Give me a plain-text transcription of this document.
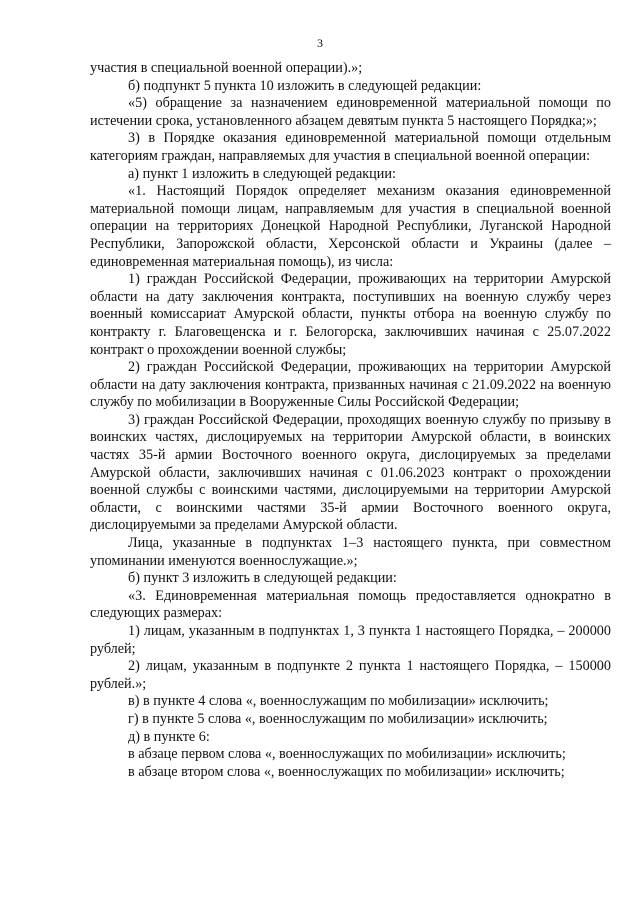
3

участия в специальной военной операции).»;

б) подпункт 5 пункта 10 изложить в следующей редакции:

«5) обращение за назначением единовременной материальной помощи по истечении срока, установленного абзацем девятым пункта 5 настоящего Порядка;»;

3) в Порядке оказания единовременной материальной помощи отдельным категориям граждан, направляемых для участия в специальной военной операции:

а) пункт 1 изложить в следующей редакции:

«1. Настоящий Порядок определяет механизм оказания единовременной материальной помощи лицам, направляемым для участия в специальной военной операции на территориях Донецкой Народной Республики, Луганской Народной Республики, Запорожской области, Херсонской области и Украины (далее – единовременная материальная помощь), из числа:

1) граждан Российской Федерации, проживающих на территории Амурской области на дату заключения контракта, поступивших на военную службу через военный комиссариат Амурской области, пункты отбора на военную службу по контракту г. Благовещенска и г. Белогорска, заключивших начиная с 25.07.2022 контракт о прохождении военной службы;

2) граждан Российской Федерации, проживающих на территории Амурской области на дату заключения контракта, призванных начиная с 21.09.2022 на военную службу по мобилизации в Вооруженные Силы Российской Федерации;

3) граждан Российской Федерации, проходящих военную службу по призыву в воинских частях, дислоцируемых на территории Амурской области, в воинских частях 35-й армии Восточного военного округа, дислоцируемых за пределами Амурской области, заключивших начиная с 01.06.2023 контракт о прохождении военной службы с воинскими частями, дислоцируемыми на территории Амурской области, с воинскими частями 35-й армии Восточного военного округа, дислоцируемыми за пределами Амурской области.

Лица, указанные в подпунктах 1–3 настоящего пункта, при совместном упоминании именуются военнослужащие.»;

б) пункт 3 изложить в следующей редакции:

«3. Единовременная материальная помощь предоставляется однократно в следующих размерах:

1) лицам, указанным в подпунктах 1, 3 пункта 1 настоящего Порядка, – 200000 рублей;

2) лицам, указанным в подпункте 2 пункта 1 настоящего Порядка, – 150000 рублей.»;

в) в пункте 4 слова «, военнослужащим по мобилизации» исключить;

г) в пункте 5 слова «, военнослужащим по мобилизации» исключить;

д) в пункте 6:

в абзаце первом слова «, военнослужащих по мобилизации» исключить;

в абзаце втором слова «, военнослужащих по мобилизации» исключить;
